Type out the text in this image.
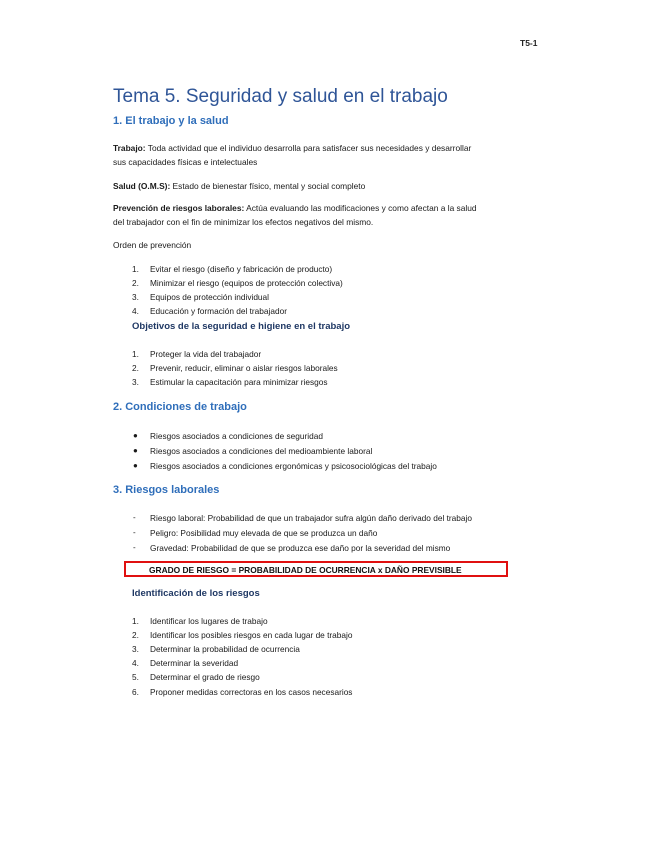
T5-1
Tema 5. Seguridad y salud en el trabajo
1. El trabajo y la salud
Trabajo: Toda actividad que el individuo desarrolla para satisfacer sus necesidades y desarrollar
sus capacidades físicas e intelectuales
Salud (O.M.S): Estado de bienestar físico, mental y social completo
Prevención de riesgos laborales: Actúa evaluando las modificaciones y como afectan a la salud
del trabajador con el fin de minimizar los efectos negativos del mismo.
Orden de prevención
1.	Evitar el riesgo (diseño y fabricación de producto)
2.	Minimizar el riesgo (equipos de protección colectiva)
3.	Equipos de protección individual
4.	Educación y formación del trabajador
Objetivos de la seguridad e higiene en el trabajo
1.	Proteger la vida del trabajador
2.	Prevenir, reducir, eliminar o aislar riesgos laborales
3.	Estimular la capacitación para minimizar riesgos
2. Condiciones de trabajo
● Riesgos asociados a condiciones de seguridad
● Riesgos asociados a condiciones del medioambiente laboral
● Riesgos asociados a condiciones ergonómicas y psicosociológicas del trabajo
3. Riesgos laborales
- Riesgo laboral: Probabilidad de que un trabajador sufra algún daño derivado del trabajo
- Peligro: Posibilidad muy elevada de que se produzca un daño
- Gravedad: Probabilidad de que se produzca ese daño por la severidad del mismo
GRADO DE RIESGO = PROBABILIDAD DE OCURRENCIA x DAÑO PREVISIBLE
Identificación de los riesgos
1.	Identificar los lugares de trabajo
2.	Identificar los posibles riesgos en cada lugar de trabajo
3.	Determinar la probabilidad de ocurrencia
4.	Determinar la severidad
5.	Determinar el grado de riesgo
6.	Proponer medidas correctoras en los casos necesarios
